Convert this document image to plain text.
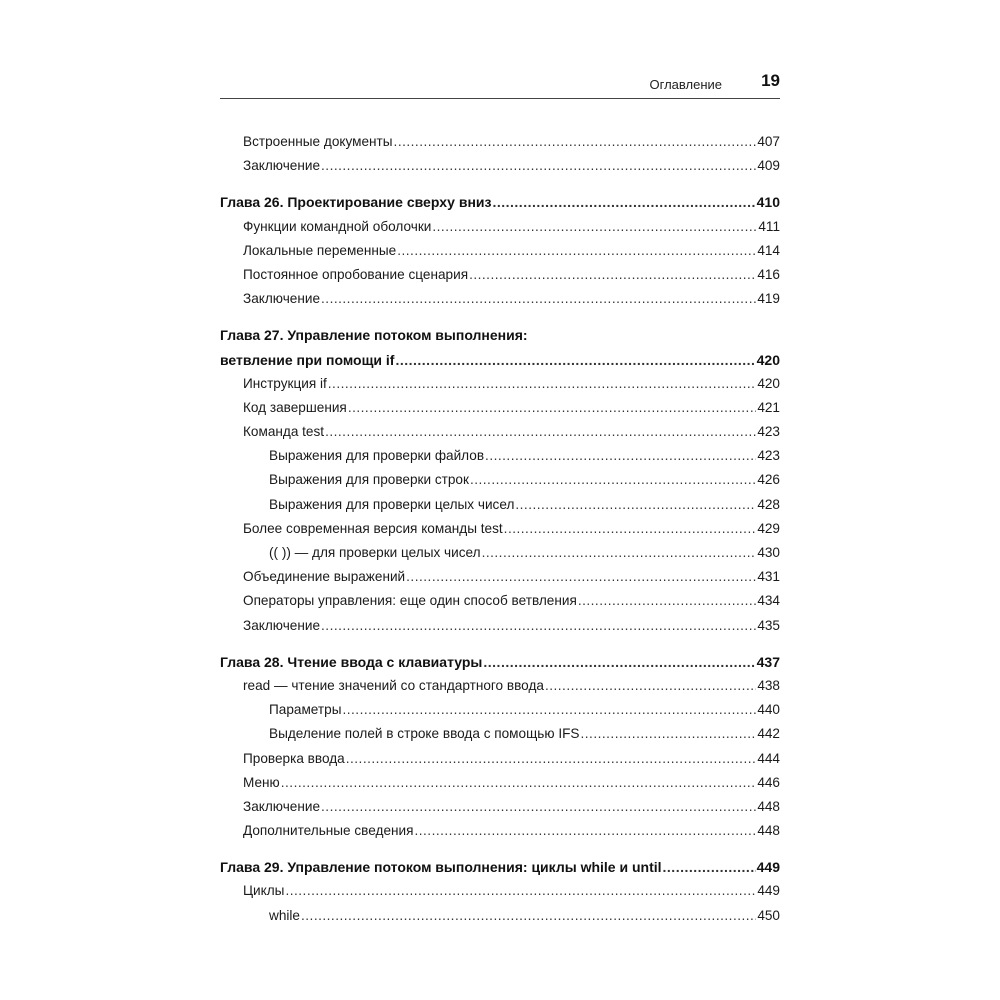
Оглавление 19
Встроенные документы .....	407
Заключение .....	409
Глава 26. Проектирование сверху вниз .....	410
Функции командной оболочки .....	411
Локальные переменные .....	414
Постоянное опробование сценария .....	416
Заключение .....	419
Глава 27. Управление потоком выполнения:
ветвление при помощи if .....	420
Инструкция if .....	420
Код завершения .....	421
Команда test .....	423
Выражения для проверки файлов .....	423
Выражения для проверки строк .....	426
Выражения для проверки целых чисел .....	428
Более современная версия команды test .....	429
(( )) — для проверки целых чисел .....	430
Объединение выражений .....	431
Операторы управления: еще один способ ветвления .....	434
Заключение .....	435
Глава 28. Чтение ввода с клавиатуры .....	437
read — чтение значений со стандартного ввода .....	438
Параметры .....	440
Выделение полей в строке ввода с помощью IFS .....	442
Проверка ввода .....	444
Меню .....	446
Заключение .....	448
Дополнительные сведения .....	448
Глава 29. Управление потоком выполнения: циклы while и until .....	449
Циклы .....	449
while .....	450
